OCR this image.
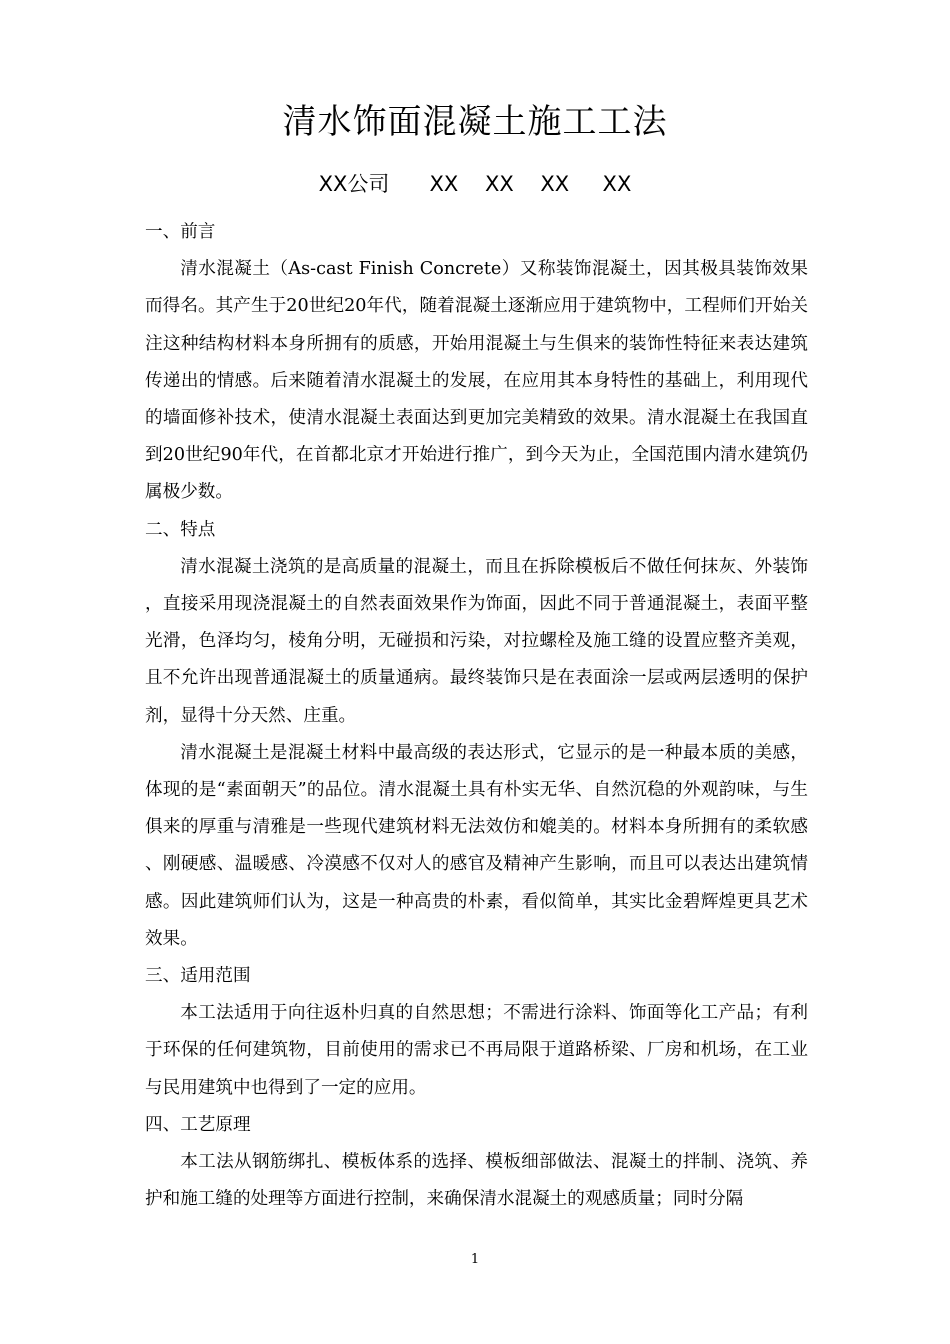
清水饰面混凝土施工工法
XX公司      XX    XX    XX     XX
一、前言

清水混凝土（As-cast Finish Concrete）又称装饰混凝土，因其极具装饰效果而得名。其产生于20世纪20年代，随着混凝土逐渐应用于建筑物中，工程师们开始关注这种结构材料本身所拥有的质感，开始用混凝土与生俱来的装饰性特征来表达建筑传递出的情感。后来随着清水混凝土的发展，在应用其本身特性的基础上，利用现代的墙面修补技术，使清水混凝土表面达到更加完美精致的效果。清水混凝土在我国直到20世纪90年代，在首都北京才开始进行推广，到今天为止，全国范围内清水建筑仍属极少数。

二、特点

清水混凝土浇筑的是高质量的混凝土，而且在拆除模板后不做任何抹灰、外装饰，直接采用现浇混凝土的自然表面效果作为饰面，因此不同于普通混凝土，表面平整光滑，色泽均匀，棱角分明，无碰损和污染，对拉螺栓及施工缝的设置应整齐美观，且不允许出现普通混凝土的质量通病。最终装饰只是在表面涂一层或两层透明的保护剂，显得十分天然、庄重。

清水混凝土是混凝土材料中最高级的表达形式，它显示的是一种最本质的美感，体现的是“素面朝天”的品位。清水混凝土具有朴实无华、自然沉稳的外观韵味，与生俱来的厚重与清雅是一些现代建筑材料无法效仿和媲美的。材料本身所拥有的柔软感、刚硬感、温暖感、冷漠感不仅对人的感官及精神产生影响，而且可以表达出建筑情感。因此建筑师们认为，这是一种高贵的朴素，看似简单，其实比金碧辉煌更具艺术效果。

三、适用范围

本工法适用于向往返朴归真的自然思想；不需进行涂料、饰面等化工产品；有利于环保的任何建筑物，目前使用的需求已不再局限于道路桥梁、厂房和机场，在工业与民用建筑中也得到了一定的应用。

四、工艺原理

本工法从钢筋绑扎、模板体系的选择、模板细部做法、混凝土的拌制、浇筑、养护和施工缝的处理等方面进行控制，来确保清水混凝土的观感质量；同时分隔

1
